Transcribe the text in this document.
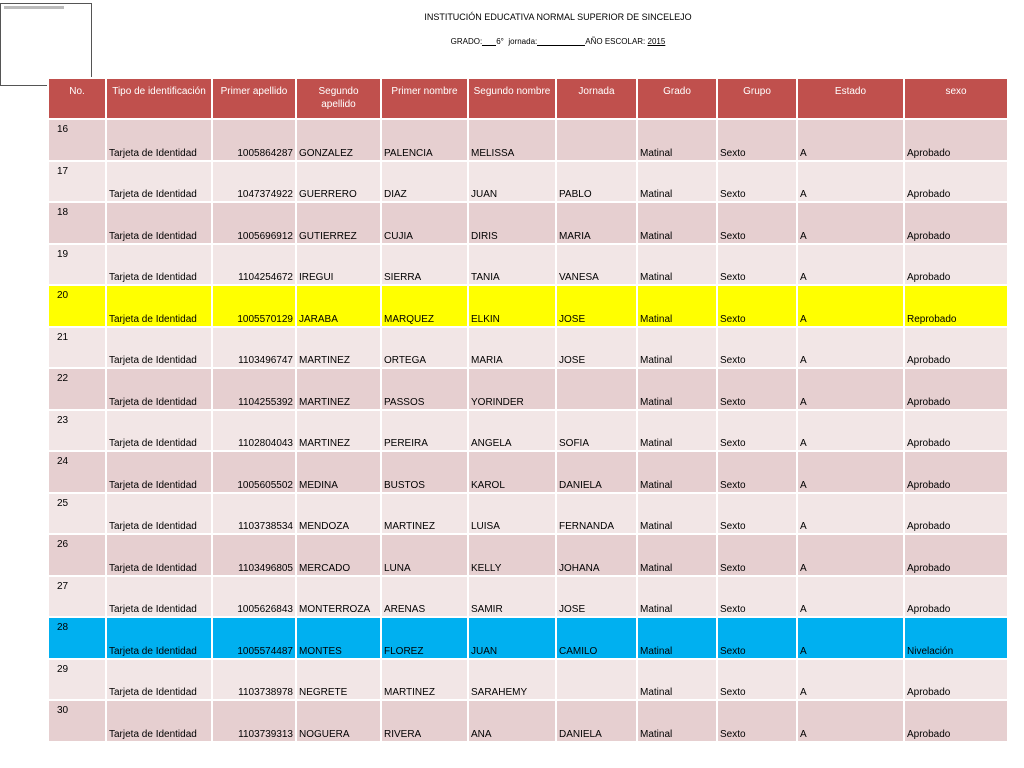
INSTITUCIÓN EDUCATIVA NORMAL SUPERIOR DE SINCELEJO
GRADO: 6° jornada:	AÑO ESCOLAR: 2015
No.	Tipo de identificación	Primer apellido	Segundo apellido	Primer nombre	Segundo nombre	Jornada	Grado	Grupo	Estado	sexo
16	Tarjeta de Identidad	1005864287	GONZALEZ	PALENCIA	MELISSA		Matinal	Sexto	A	Aprobado
17	Tarjeta de Identidad	1047374922	GUERRERO	DIAZ	JUAN	PABLO	Matinal	Sexto	A	Aprobado
18	Tarjeta de Identidad	1005696912	GUTIERREZ	CUJIA	DIRIS	MARIA	Matinal	Sexto	A	Aprobado
19	Tarjeta de Identidad	1104254672	IREGUI	SIERRA	TANIA	VANESA	Matinal	Sexto	A	Aprobado
20	Tarjeta de Identidad	1005570129	JARABA	MARQUEZ	ELKIN	JOSE	Matinal	Sexto	A	Reprobado
21	Tarjeta de Identidad	1103496747	MARTINEZ	ORTEGA	MARIA	JOSE	Matinal	Sexto	A	Aprobado
22	Tarjeta de Identidad	1104255392	MARTINEZ	PASSOS	YORINDER		Matinal	Sexto	A	Aprobado
23	Tarjeta de Identidad	1102804043	MARTINEZ	PEREIRA	ANGELA	SOFIA	Matinal	Sexto	A	Aprobado
24	Tarjeta de Identidad	1005605502	MEDINA	BUSTOS	KAROL	DANIELA	Matinal	Sexto	A	Aprobado
25	Tarjeta de Identidad	1103738534	MENDOZA	MARTINEZ	LUISA	FERNANDA	Matinal	Sexto	A	Aprobado
26	Tarjeta de Identidad	1103496805	MERCADO	LUNA	KELLY	JOHANA	Matinal	Sexto	A	Aprobado
27	Tarjeta de Identidad	1005626843	MONTERROZA	ARENAS	SAMIR	JOSE	Matinal	Sexto	A	Aprobado
28	Tarjeta de Identidad	1005574487	MONTES	FLOREZ	JUAN	CAMILO	Matinal	Sexto	A	Nivelación
29	Tarjeta de Identidad	1103738978	NEGRETE	MARTINEZ	SARAHEMY		Matinal	Sexto	A	Aprobado
30	Tarjeta de Identidad	1103739313	NOGUERA	RIVERA	ANA	DANIELA	Matinal	Sexto	A	Aprobado
